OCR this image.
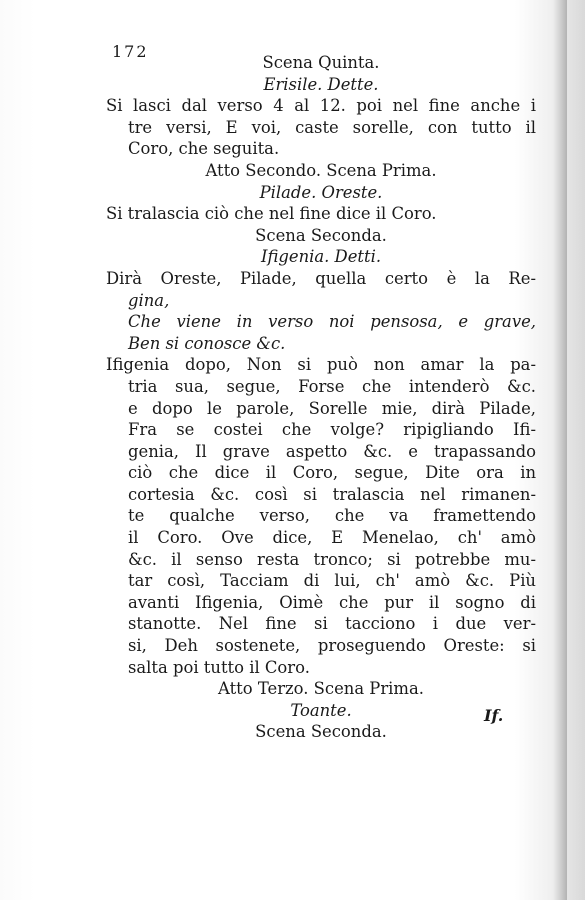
172
Scena Quinta.
Erisile. Dette.
Si lasci dal verso 4 al 12. poi nel fine anche i
tre versi, E voi, caste sorelle, con tutto il
Coro, che seguita.
Atto Secondo. Scena Prima.
Pilade. Oreste.
Si tralascia ciò che nel fine dice il Coro.
Scena Seconda.
Ifigenia. Detti.
Dirà Oreste, Pilade, quella certo è la Re-
gina,
Che viene in verso noi pensosa, e grave,
Ben si conosce &c.
Ifigenia dopo, Non si può non amar la pa-
tria sua, segue, Forse che intenderò &c.
e dopo le parole, Sorelle mie, dirà Pilade,
Fra se costei che volge? ripigliando Ifi-
genia, Il grave aspetto &c. e trapassando
ciò che dice il Coro, segue, Dite ora in
cortesia &c. così si tralascia nel rimanen-
te qualche verso, che va framettendo
il Coro. Ove dice, E Menelao, ch' amò
&c. il senso resta tronco; si potrebbe mu-
tar così, Tacciam di lui, ch' amò &c. Più
avanti Ifigenia, Oimè che pur il sogno di
stanotte. Nel fine si tacciono i due ver-
si, Deh sostenete, proseguendo Oreste: si
salta poi tutto il Coro.
Atto Terzo. Scena Prima.
Toante.
Scena Seconda.
If.
